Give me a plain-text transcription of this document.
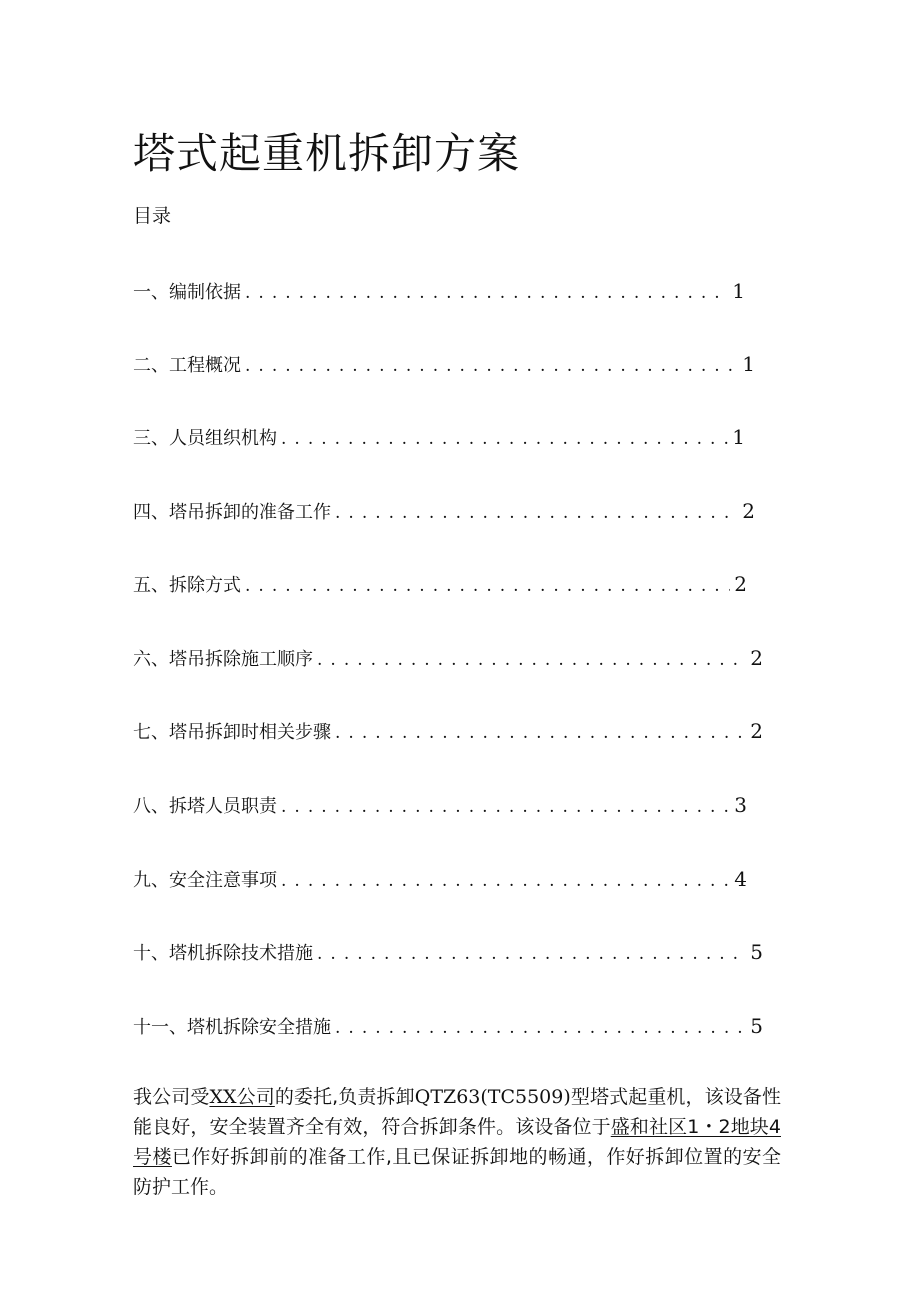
塔式起重机拆卸方案
目录
一、编制依据 . . .	1
二、工程概况 . . .	1
三、人员组织机构 . . .	1
四、塔吊拆卸的准备工作 . . .	2
五、拆除方式 . . .	2
六、塔吊拆除施工顺序 . . .	2
七、塔吊拆卸时相关步骤 . . .	2
八、拆塔人员职责 . . .	3
九、安全注意事项 . . .	4
十、塔机拆除技术措施 . . .	5
十一、塔机拆除安全措施 . . .	5

我公司受XX公司的委托,负责拆卸QTZ63(TC5509)型塔式起重机，该设备性能良好，安全装置齐全有效，符合拆卸条件。该设备位于盛和社区1・2地块4号楼已作好拆卸前的准备工作,且已保证拆卸地的畅通，作好拆卸位置的安全防护工作。
